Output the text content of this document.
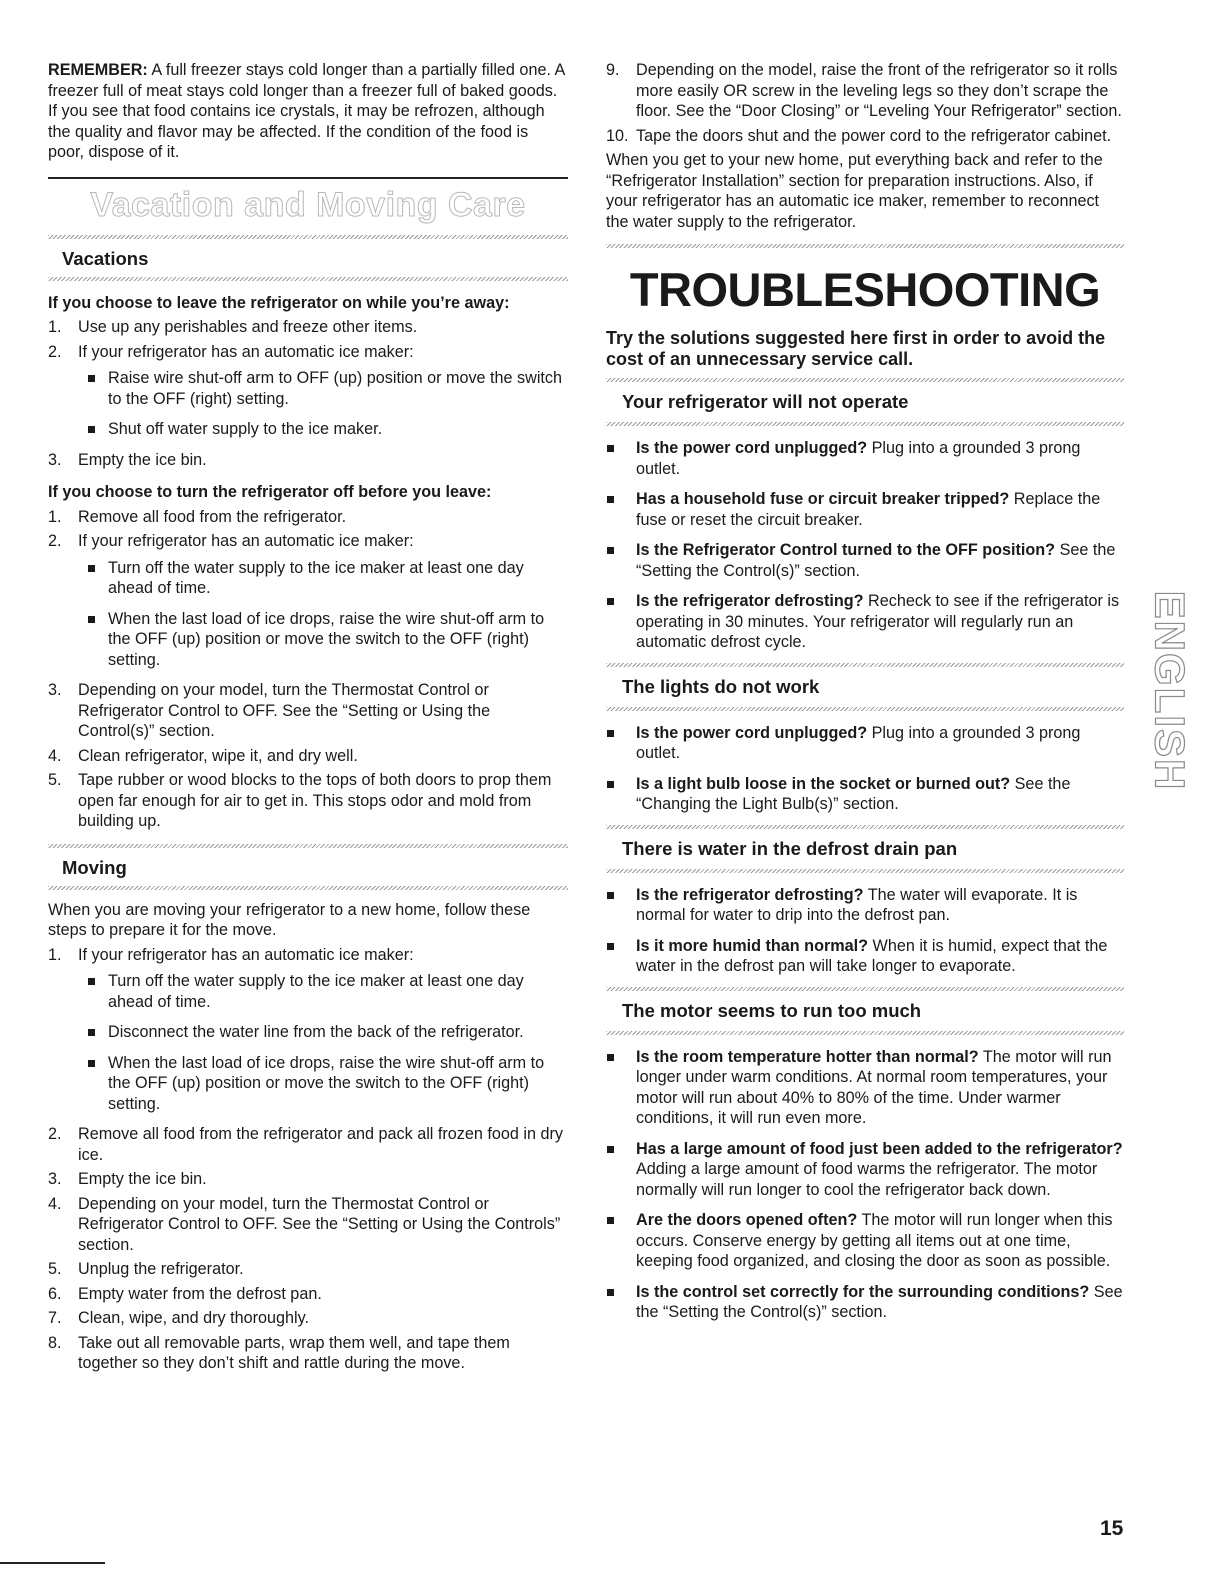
REMEMBER: A full freezer stays cold longer than a partially filled one. A freezer full of meat stays cold longer than a freezer full of baked goods. If you see that food contains ice crystals, it may be refrozen, although the quality and flavor may be affected. If the condition of the food is poor, dispose of it.

Vacation and Moving Care
Vacations

If you choose to leave the refrigerator on while you’re away:

1. Use up any perishables and freeze other items.
2. If your refrigerator has an automatic ice maker:
Raise wire shut-off arm to OFF (up) position or move the switch to the OFF (right) setting.
Shut off water supply to the ice maker.
3. Empty the ice bin.

If you choose to turn the refrigerator off before you leave:

1. Remove all food from the refrigerator.
2. If your refrigerator has an automatic ice maker:
Turn off the water supply to the ice maker at least one day ahead of time.
When the last load of ice drops, raise the wire shut-off arm to the OFF (up) position or move the switch to the OFF (right) setting.
3. Depending on your model, turn the Thermostat Control or Refrigerator Control to OFF. See the “Setting or Using the Control(s)” section.
4. Clean refrigerator, wipe it, and dry well.
5. Tape rubber or wood blocks to the tops of both doors to prop them open far enough for air to get in. This stops odor and mold from building up.
Moving

When you are moving your refrigerator to a new home, follow these steps to prepare it for the move.

1. If your refrigerator has an automatic ice maker:
Turn off the water supply to the ice maker at least one day ahead of time.
Disconnect the water line from the back of the refrigerator.
When the last load of ice drops, raise the wire shut-off arm to the OFF (up) position or move the switch to the OFF (right) setting.
2. Remove all food from the refrigerator and pack all frozen food in dry ice.
3. Empty the ice bin.
4. Depending on your model, turn the Thermostat Control or Refrigerator Control to OFF. See the “Setting or Using the Controls” section.
5. Unplug the refrigerator.
6. Empty water from the defrost pan.
7. Clean, wipe, and dry thoroughly.
8. Take out all removable parts, wrap them well, and tape them together so they don’t shift and rattle during the move.
9. Depending on the model, raise the front of the refrigerator so it rolls more easily OR screw in the leveling legs so they don’t scrape the floor. See the “Door Closing” or “Leveling Your Refrigerator” section.
10. Tape the doors shut and the power cord to the refrigerator cabinet.

When you get to your new home, put everything back and refer to the “Refrigerator Installation” section for preparation instructions. Also, if your refrigerator has an automatic ice maker, remember to reconnect the water supply to the refrigerator.

TROUBLESHOOTING

Try the solutions suggested here first in order to avoid the cost of an unnecessary service call.

Your refrigerator will not operate
Is the power cord unplugged? Plug into a grounded 3 prong outlet.
Has a household fuse or circuit breaker tripped? Replace the fuse or reset the circuit breaker.
Is the Refrigerator Control turned to the OFF position? See the “Setting the Control(s)” section.
Is the refrigerator defrosting? Recheck to see if the refrigerator is operating in 30 minutes. Your refrigerator will regularly run an automatic defrost cycle.
The lights do not work
Is the power cord unplugged? Plug into a grounded 3 prong outlet.
Is a light bulb loose in the socket or burned out? See the “Changing the Light Bulb(s)” section.
There is water in the defrost drain pan
Is the refrigerator defrosting? The water will evaporate. It is normal for water to drip into the defrost pan.
Is it more humid than normal? When it is humid, expect that the water in the defrost pan will take longer to evaporate.
The motor seems to run too much
Is the room temperature hotter than normal? The motor will run longer under warm conditions. At normal room temperatures, your motor will run about 40% to 80% of the time. Under warmer conditions, it will run even more.
Has a large amount of food just been added to the refrigerator? Adding a large amount of food warms the refrigerator. The motor normally will run longer to cool the refrigerator back down.
Are the doors opened often? The motor will run longer when this occurs. Conserve energy by getting all items out at one time, keeping food organized, and closing the door as soon as possible.
Is the control set correctly for the surrounding conditions? See the “Setting the Control(s)” section.
ENGLISH
15
